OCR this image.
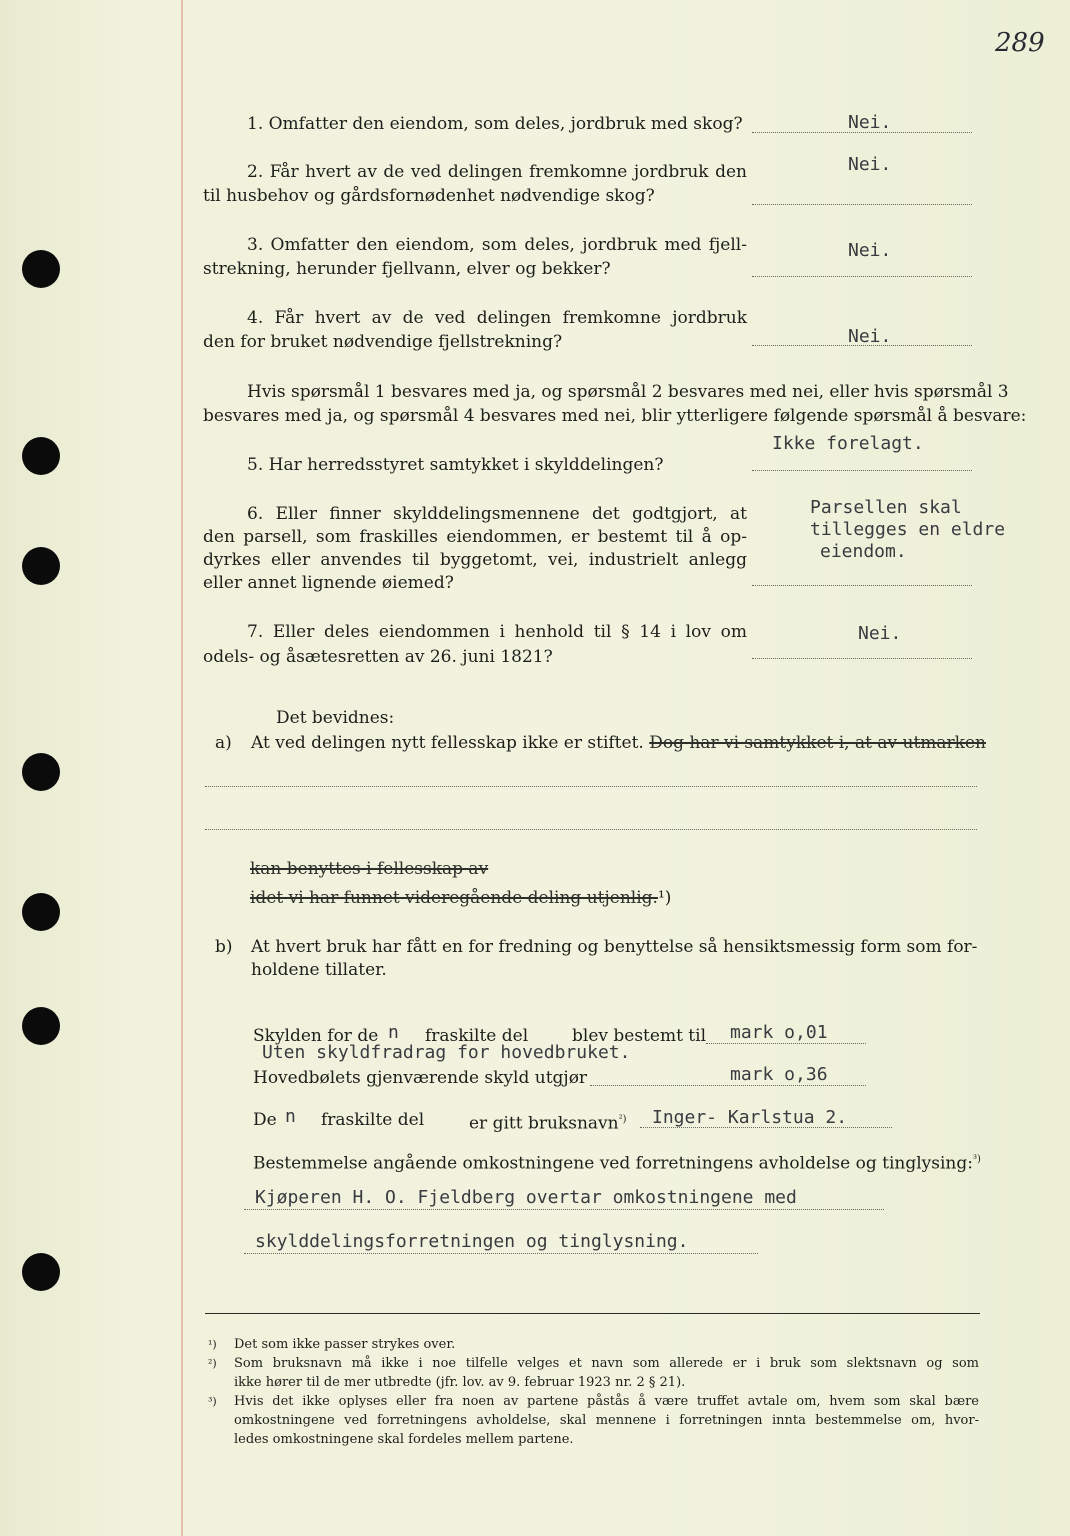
289
1. Omfatter den eiendom, som deles, jordbruk med skog?	Nei.
2. Får hvert av de ved delingen fremkomne jordbruk den
til husbehov og gårdsfornødenhet nødvendige skog?
Nei.
3. Omfatter den eiendom, som deles, jordbruk med fjell-
strekning, herunder fjellvann, elver og bekker?
Nei.
4. Får hvert av de ved delingen fremkomne jordbruk
den for bruket nødvendige fjellstrekning?	Nei.
Hvis spørsmål 1 besvares med ja, og spørsmål 2 besvares med nei, eller hvis spørsmål 3
besvares med ja, og spørsmål 4 besvares med nei, blir ytterligere følgende spørsmål å besvare:
Ikke forelagt.
5. Har herredsstyret samtykket i skylddelingen?
6. Eller finner skylddelingsmennene det godtgjort, at
den parsell, som fraskilles eiendommen, er bestemt til å op-
dyrkes eller anvendes til byggetomt, vei, industrielt anlegg
eller annet lignende øiemed?
Parsellen skal
tillegges en eldre
eiendom.
7. Eller deles eiendommen i henhold til § 14 i lov om
odels- og åsætesretten av 26. juni 1821?
Nei.
Det bevidnes:
a) At ved delingen nytt fellesskap ikke er stiftet. Dog har vi samtykket i, at av utmarken
kan benyttes i fellesskap av
idet vi har funnet videregående deling utjenlig.¹)
b) At hvert bruk har fått en for fredning og benyttelse så hensiktsmessig form som for-
holdene tillater.
Skylden for de n fraskilte del	blev bestemt til mark o,01
Uten skyldfradrag for hovedbruket.
Hovedbølets gjenværende skyld utgjør	mark o,36
De n fraskilte del	er gitt bruksnavn$^{^2)}$ Inger- Karlstua 2.
Bestemmelse angående omkostningene ved forretningens avholdelse og tinglysing:$^{^3)}$
Kjøperen H. O. Fjeldberg overtar omkostningene med
skylddelingsforretningen og tinglysning.
¹) Det som ikke passer strykes over.
²) Som bruksnavn må ikke i noe tilfelle velges et navn som allerede er i bruk som slektsnavn og som
ikke hører til de mer utbredte (jfr. lov. av 9. februar 1923 nr. 2 § 21).
³) Hvis det ikke oplyses eller fra noen av partene påstås å være truffet avtale om, hvem som skal bære
omkostningene ved forretningens avholdelse, skal mennene i forretningen innta bestemmelse om, hvor-
ledes omkostningene skal fordeles mellem partene.
